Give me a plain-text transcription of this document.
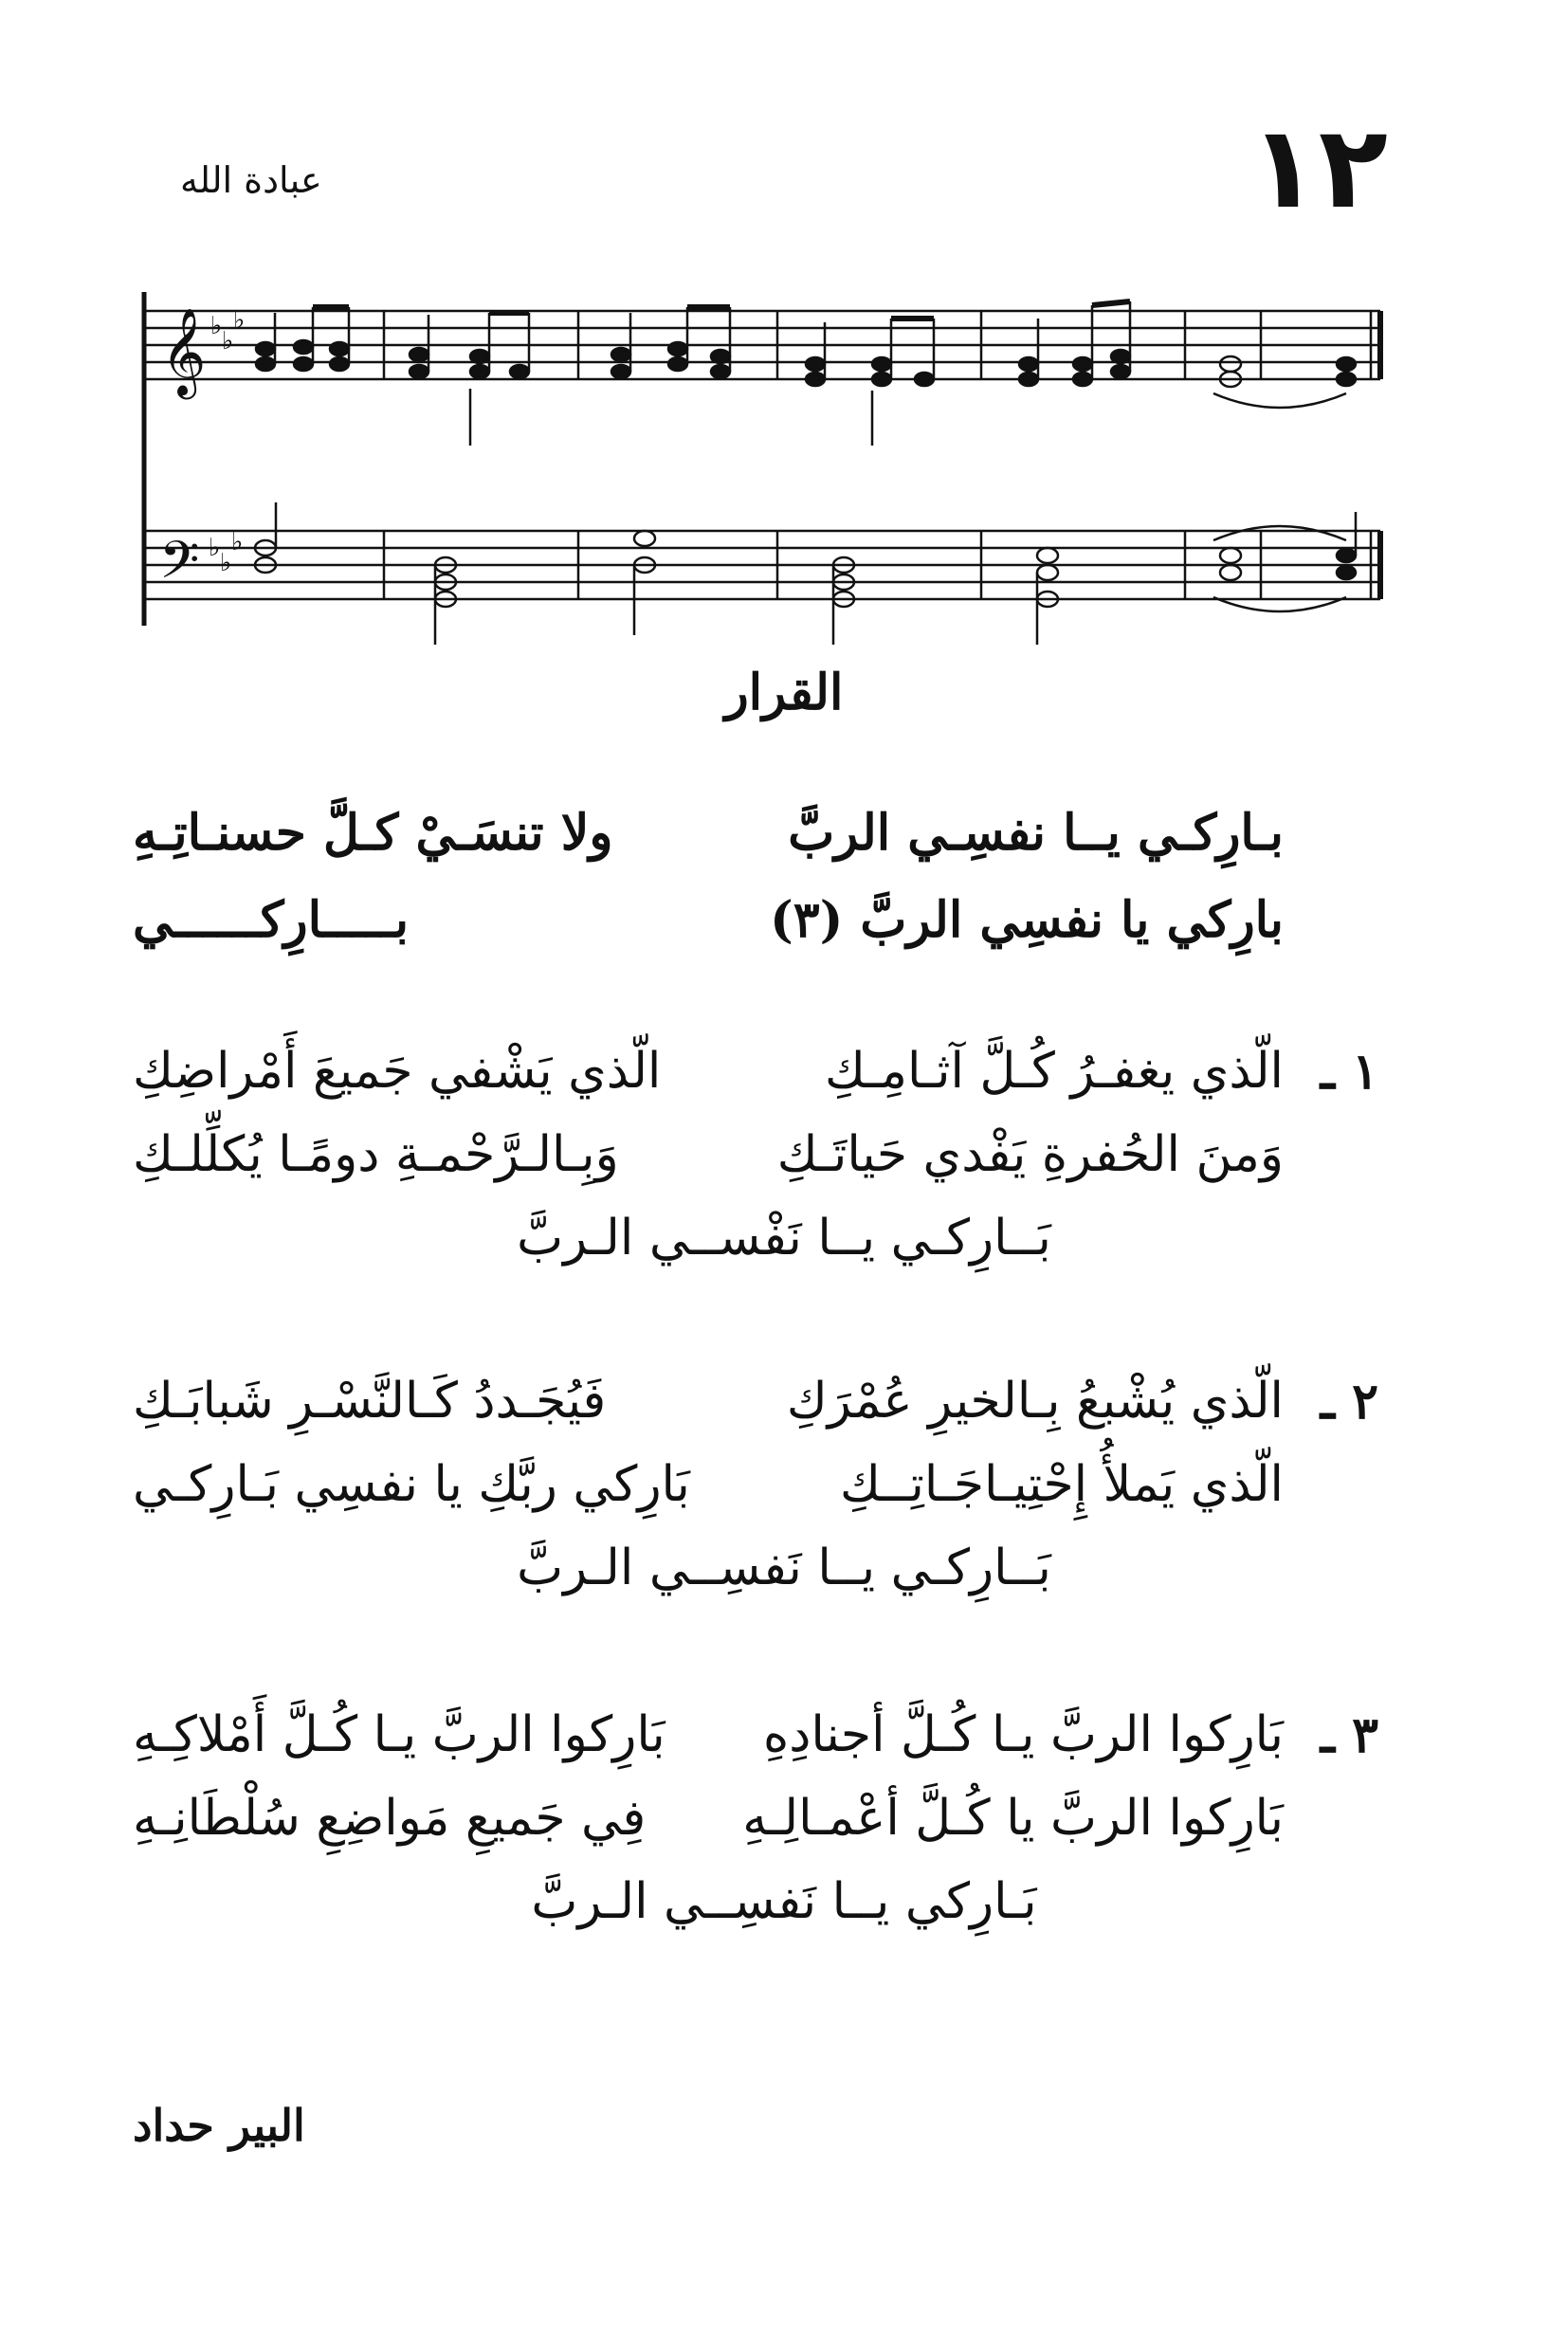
١٢
عبادة الله
𝄞
𝄢
♭
♭
♭
♭
♭
♭
القرار
بـارِكـي يــا نفسِـي الربَّ
ولا تنسَـيْ كـلَّ حسنـاتِـهِ
بارِكي يا نفسِي الربَّ (٣)
بـــــارِكــــــي
١ ـ
الّذي يغفـرُ كُـلَّ آثـامِـكِ
الّذي يَشْفي جَميعَ أَمْراضِكِ
وَمنَ الحُفرةِ يَفْدي حَياتَـكِ
وَبِـالـرَّحْمـةِ دومًـا يُكلِّلـكِ
بَــارِكـي يــا نَفْســي الـربَّ
٢ ـ
الّذي يُشْبعُ بِـالخيرِ عُمْرَكِ
فَيُجَـددُ كَـالنَّسْـرِ شَبابَـكِ
الّذي يَملأُ إِحْتِيـاجَـاتِــكِ
بَارِكي ربَّكِ يا نفسِي بَـارِكـي
بَــارِكـي يــا نَفسِــي الـربَّ
٣ ـ
بَارِكوا الربَّ يـا كُـلَّ أجنادِهِ
بَارِكوا الربَّ يـا كُـلَّ أَمْلاكِـهِ
بَارِكوا الربَّ يا كُـلَّ أعْمـالِـهِ
فِي جَميعِ مَواضِعِ سُلْطَانِـهِ
بَـارِكي يــا نَفسِــي الـربَّ
البير حداد
